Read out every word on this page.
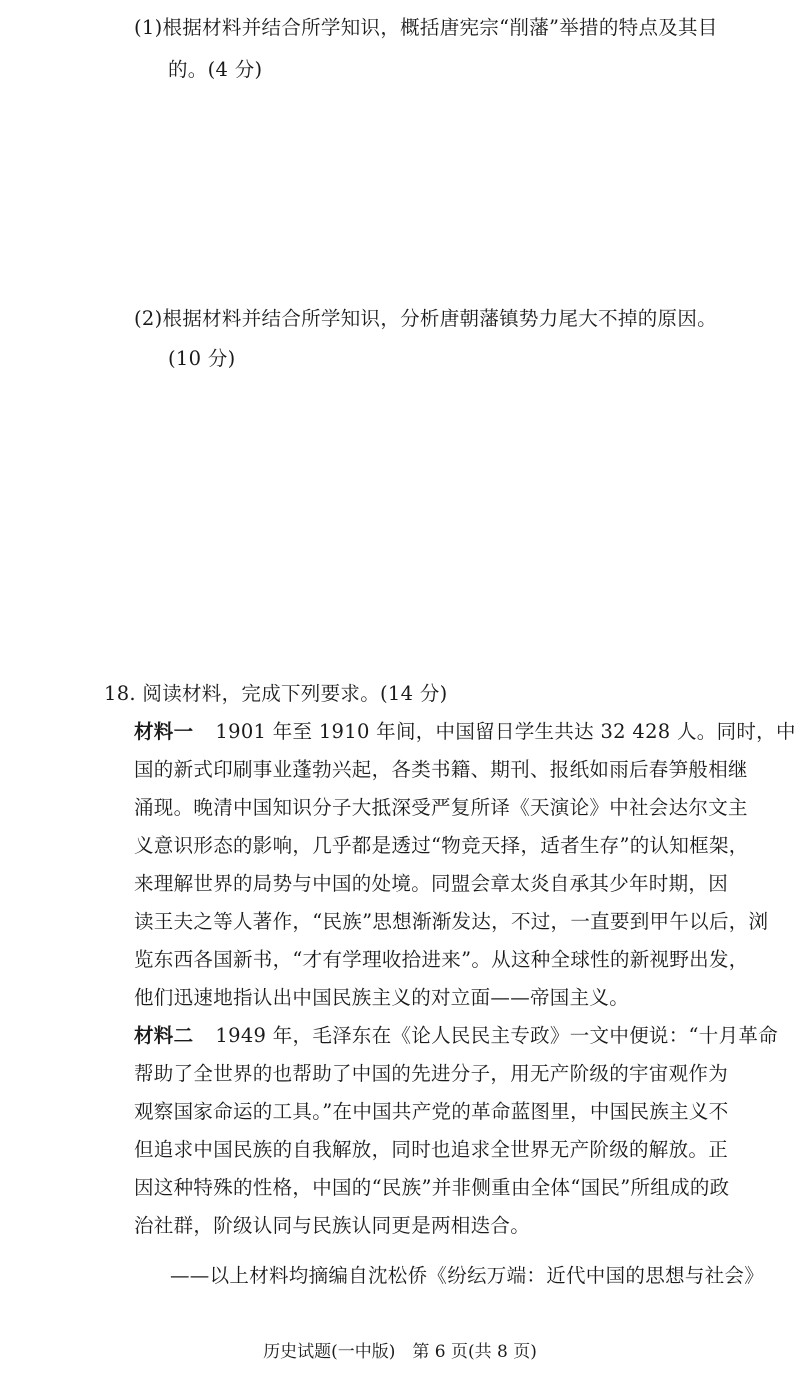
(1)根据材料并结合所学知识，概括唐宪宗“削藩”举措的特点及其目
的。(4 分)
(2)根据材料并结合所学知识，分析唐朝藩镇势力尾大不掉的原因。
(10 分)
18. 阅读材料，完成下列要求。(14 分)
材料一 1901 年至 1910 年间，中国留日学生共达 32 428 人。同时，中
国的新式印刷事业蓬勃兴起，各类书籍、期刊、报纸如雨后春笋般相继
涌现。晚清中国知识分子大抵深受严复所译《天演论》中社会达尔文主
义意识形态的影响，几乎都是透过“物竞天择，适者生存”的认知框架，
来理解世界的局势与中国的处境。同盟会章太炎自承其少年时期，因
读王夫之等人著作，“民族”思想渐渐发达，不过，一直要到甲午以后，浏
览东西各国新书，“才有学理收拾进来”。从这种全球性的新视野出发，
他们迅速地指认出中国民族主义的对立面——帝国主义。
材料二 1949 年，毛泽东在《论人民民主专政》一文中便说：“十月革命
帮助了全世界的也帮助了中国的先进分子，用无产阶级的宇宙观作为
观察国家命运的工具。”在中国共产党的革命蓝图里，中国民族主义不
但追求中国民族的自我解放，同时也追求全世界无产阶级的解放。正
因这种特殊的性格，中国的“民族”并非侧重由全体“国民”所组成的政
治社群，阶级认同与民族认同更是两相迭合。
——以上材料均摘编自沈松侨《纷纭万端：近代中国的思想与社会》
历史试题(一中版)　第 6 页(共 8 页)
